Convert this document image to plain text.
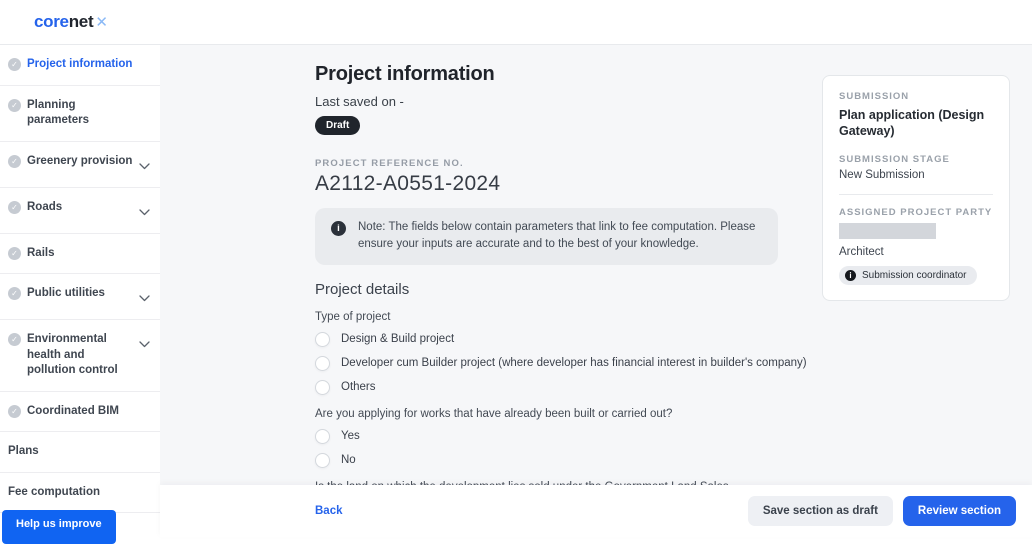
core net ✕
✓
Project information
✓
Planning parameters
✓
Greenery provision
✓
Roads
✓
Rails
✓
Public utilities
✓
Environmental health and pollution control
✓
Coordinated BIM
Plans
Fee computation
Project information
Last saved on -
Draft
PROJECT REFERENCE NO.
A2112-A0551-2024
i
Note: The fields below contain parameters that link to fee computation. Please ensure your inputs are accurate and to the best of your knowledge.
Project details
Type of project
Design & Build project
Developer cum Builder project (where developer has financial interest in builder's company)
Others
Are you applying for works that have already been built or carried out?
Yes
No
SUBMISSION
Plan application (Design Gateway)
SUBMISSION STAGE
New Submission
ASSIGNED PROJECT PARTY
Architect
i
Submission coordinator
Back	Save section as draft	Review section
Help us improve
